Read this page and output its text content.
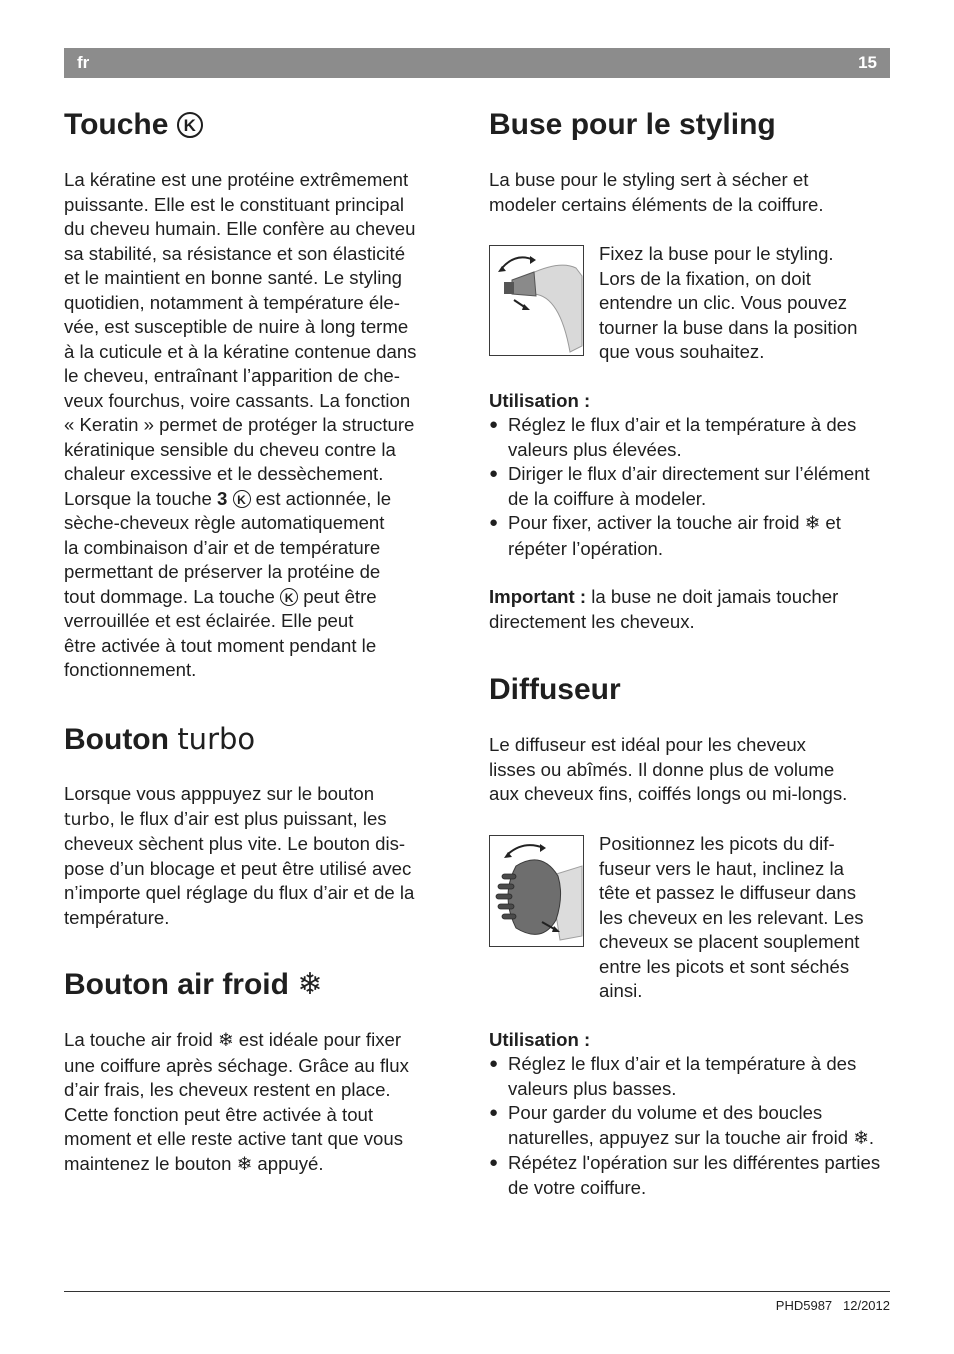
fr	15
Touche K

La kératine est une protéine extrêmement
puissante. Elle est le constituant principal
du cheveu humain. Elle confère au cheveu
sa stabilité, sa résistance et son élasticité
et le maintient en bonne santé. Le styling
quotidien, notamment à température éle-
vée, est susceptible de nuire à long terme
à la cuticule et à la kératine contenue dans
le cheveu, entraînant l’apparition de che-
veux fourchus, voire cassants. La fonction
« Keratin » permet de protéger la structure
kératinique sensible du cheveu contre la
chaleur excessive et le dessèchement.
Lorsque la touche 3 K est actionnée, le
sèche-cheveux règle automatiquement
la combinaison d’air et de température
permettant de préserver la protéine de
tout dommage. La touche K peut être
verrouillée et est éclairée. Elle peut
être activée à tout moment pendant le
fonctionnement.

Bouton turbo

Lorsque vous apppuyez sur le bouton
turbo, le flux d’air est plus puissant, les
cheveux sèchent plus vite. Le bouton dis-
pose d’un blocage et peut être utilisé avec
n’importe quel réglage du flux d’air et de la
température.

Bouton air froid ❄

La touche air froid ❄ est idéale pour fixer
une coiffure après séchage. Grâce au flux
d’air frais, les cheveux restent en place.
Cette fonction peut être activée à tout
moment et elle reste active tant que vous
maintenez le bouton ❄ appuyé.

Buse pour le styling

La buse pour le styling sert à sécher et
modeler certains éléments de la coiffure.

Fixez la buse pour le styling.
Lors de la fixation, on doit
entendre un clic. Vous pouvez
tourner la buse dans la position
que vous souhaitez.

Utilisation :

● Réglez le flux d’air et la température à des valeurs plus élevées.
● Diriger le flux d’air directement sur l’élément de la coiffure à modeler.
● Pour fixer, activer la touche air froid ❄ et répéter l’opération.

Important : la buse ne doit jamais toucher
directement les cheveux.

Diffuseur

Le diffuseur est idéal pour les cheveux
lisses ou abîmés. Il donne plus de volume
aux cheveux fins, coiffés longs ou mi-longs.

Positionnez les picots du dif-
fuseur vers le haut, inclinez la
tête et passez le diffuseur dans
les cheveux en les relevant. Les
cheveux se placent souplement
entre les picots et sont séchés
ainsi.

Utilisation :

● Réglez le flux d’air et la température à des valeurs plus basses.
● Pour garder du volume et des boucles naturelles, appuyez sur la touche air froid ❄.
● Répétez l'opération sur les différentes parties de votre coiffure.
PHD5987 12/2012
